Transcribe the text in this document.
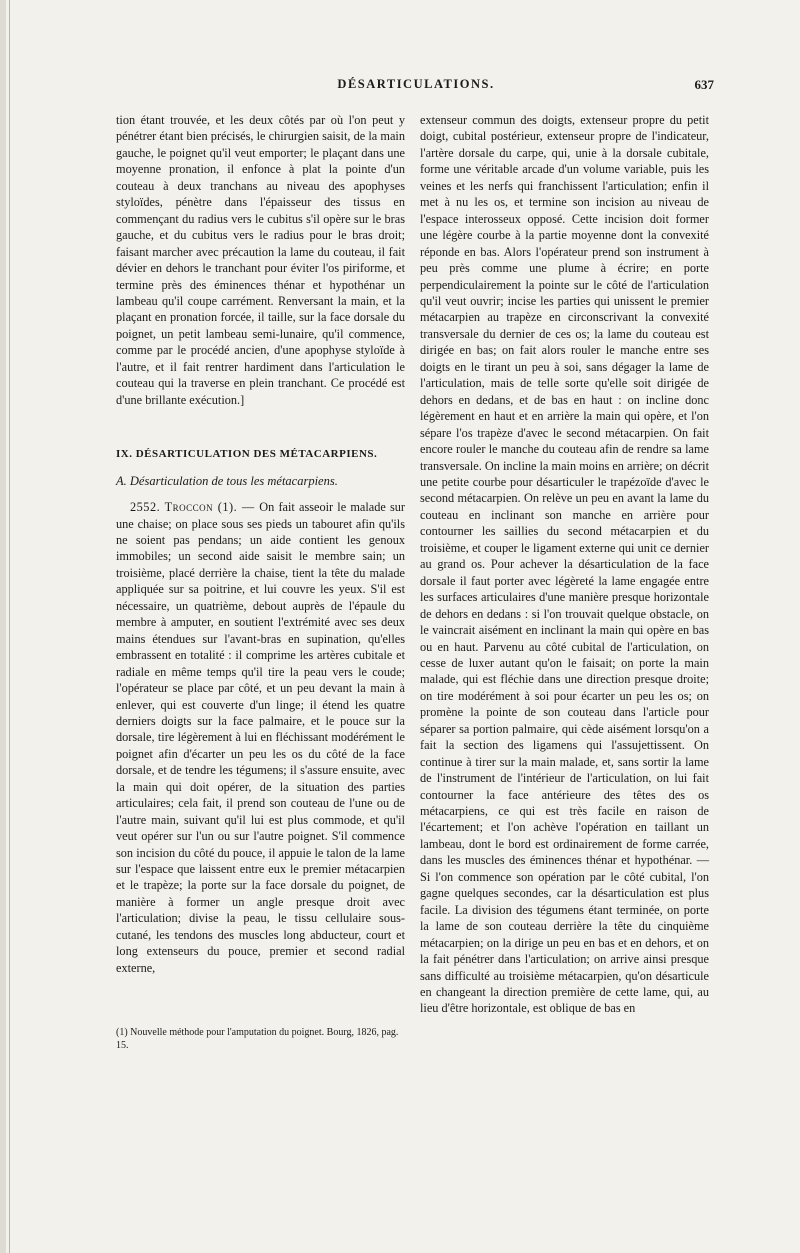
DÉSARTICULATIONS.	637

tion étant trouvée, et les deux côtés par où l'on peut y pénétrer étant bien précisés, le chirurgien saisit, de la main gauche, le poignet qu'il veut emporter; le plaçant dans une moyenne pronation, il enfonce à plat la pointe d'un couteau à deux tranchans au niveau des apophyses styloïdes, pénètre dans l'épaisseur des tissus en commençant du radius vers le cubitus s'il opère sur le bras gauche, et du cubitus vers le radius pour le bras droit; faisant marcher avec précaution la lame du couteau, il fait dévier en dehors le tranchant pour éviter l'os piriforme, et termine près des éminences thénar et hypothénar un lambeau qu'il coupe carrément. Renversant la main, et la plaçant en pronation forcée, il taille, sur la face dorsale du poignet, un petit lambeau semi-lunaire, qu'il commence, comme par le procédé ancien, d'une apophyse styloïde à l'autre, et il fait rentrer hardiment dans l'articulation le couteau qui la traverse en plein tranchant. Ce procédé est d'une brillante exécution.]

IX. DÉSARTICULATION DES MÉTACARPIENS.
A. Désarticulation de tous les métacarpiens.

2552. Troccon (1). — On fait asseoir le malade sur une chaise; on place sous ses pieds un tabouret afin qu'ils ne soient pas pendans; un aide contient les genoux immobiles; un second aide saisit le membre sain; un troisième, placé derrière la chaise, tient la tête du malade appliquée sur sa poitrine, et lui couvre les yeux. S'il est nécessaire, un quatrième, debout auprès de l'épaule du membre à amputer, en soutient l'extrémité avec ses deux mains étendues sur l'avant-bras en supination, qu'elles embrassent en totalité : il comprime les artères cubitale et radiale en même temps qu'il tire la peau vers le coude; l'opérateur se place par côté, et un peu devant la main à enlever, qui est couverte d'un linge; il étend les quatre derniers doigts sur la face palmaire, et le pouce sur la dorsale, tire légèrement à lui en fléchissant modérément le poignet afin d'écarter un peu les os du côté de la face dorsale, et de tendre les tégumens; il s'assure ensuite, avec la main qui doit opérer, de la situation des parties articulaires; cela fait, il prend son couteau de l'une ou de l'autre main, suivant qu'il lui est plus commode, et qu'il veut opérer sur l'un ou sur l'autre poignet. S'il commence son incision du côté du pouce, il appuie le talon de la lame sur l'espace que laissent entre eux le premier métacarpien et le trapèze; la porte sur la face dorsale du poignet, de manière à former un angle presque droit avec l'articulation; divise la peau, le tissu cellulaire sous-cutané, les tendons des muscles long abducteur, court et long extenseurs du pouce, premier et second radial externe,

(1) Nouvelle méthode pour l'amputation du poignet. Bourg, 1826, pag. 15.

extenseur commun des doigts, extenseur propre du petit doigt, cubital postérieur, extenseur propre de l'indicateur, l'artère dorsale du carpe, qui, unie à la dorsale cubitale, forme une véritable arcade d'un volume variable, puis les veines et les nerfs qui franchissent l'articulation; enfin il met à nu les os, et termine son incision au niveau de l'espace interosseux opposé. Cette incision doit former une légère courbe à la partie moyenne dont la convexité réponde en bas. Alors l'opérateur prend son instrument à peu près comme une plume à écrire; en porte perpendiculairement la pointe sur le côté de l'articulation qu'il veut ouvrir; incise les parties qui unissent le premier métacarpien au trapèze en circonscrivant la convexité transversale du dernier de ces os; la lame du couteau est dirigée en bas; on fait alors rouler le manche entre ses doigts en le tirant un peu à soi, sans dégager la lame de l'articulation, mais de telle sorte qu'elle soit dirigée de dehors en dedans, et de bas en haut : on incline donc légèrement en haut et en arrière la main qui opère, et l'on sépare l'os trapèze d'avec le second métacarpien. On fait encore rouler le manche du couteau afin de rendre sa lame transversale. On incline la main moins en arrière; on décrit une petite courbe pour désarticuler le trapézoïde d'avec le second métacarpien. On relève un peu en avant la lame du couteau en inclinant son manche en arrière pour contourner les saillies du second métacarpien et du troisième, et couper le ligament externe qui unit ce dernier au grand os. Pour achever la désarticulation de la face dorsale il faut porter avec légèreté la lame engagée entre les surfaces articulaires d'une manière presque horizontale de dehors en dedans : si l'on trouvait quelque obstacle, on le vaincrait aisément en inclinant la main qui opère en bas ou en haut. Parvenu au côté cubital de l'articulation, on cesse de luxer autant qu'on le faisait; on porte la main malade, qui est fléchie dans une direction presque droite; on tire modérément à soi pour écarter un peu les os; on promène la pointe de son couteau dans l'article pour séparer sa portion palmaire, qui cède aisément lorsqu'on a fait la section des ligamens qui l'assujettissent. On continue à tirer sur la main malade, et, sans sortir la lame de l'instrument de l'intérieur de l'articulation, on lui fait contourner la face antérieure des têtes des os métacarpiens, ce qui est très facile en raison de l'écartement; et l'on achève l'opération en taillant un lambeau, dont le bord est ordinairement de forme carrée, dans les muscles des éminences thénar et hypothénar. — Si l'on commence son opération par le côté cubital, l'on gagne quelques secondes, car la désarticulation est plus facile. La division des tégumens étant terminée, on porte la lame de son couteau derrière la tête du cinquième métacarpien; on la dirige un peu en bas et en dehors, et on la fait pénétrer dans l'articulation; on arrive ainsi presque sans difficulté au troisième métacarpien, qu'on désarticule en changeant la direction première de cette lame, qui, au lieu d'être horizontale, est oblique de bas en
